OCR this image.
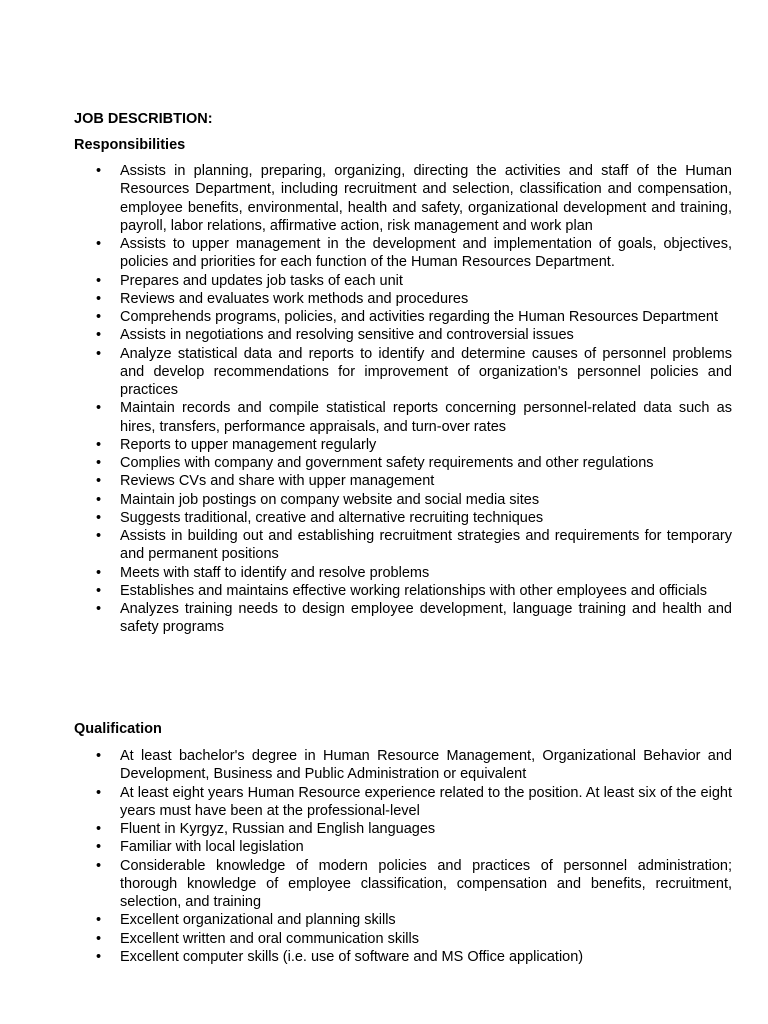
JOB DESCRIBTION:
Responsibilities
•	Assists in planning, preparing, organizing, directing the activities and staff of the Human Resources Department, including recruitment and selection, classification and compensation, employee benefits, environmental, health and safety, organizational development and training, payroll, labor relations, affirmative action, risk management and work plan
•	Assists to upper management in the development and implementation of goals, objectives, policies and priorities for each function of the Human Resources Department.
•	Prepares and updates job tasks of each unit
•	Reviews and evaluates work methods and procedures
•	Comprehends programs, policies, and activities regarding the Human Resources Department
•	Assists in negotiations and resolving sensitive and controversial issues
•	Analyze statistical data and reports to identify and determine causes of personnel problems and develop recommendations for improvement of organization's personnel policies and practices
•	Maintain records and compile statistical reports concerning personnel-related data such as hires, transfers, performance appraisals, and turn-over rates
•	Reports to upper management regularly
•	Complies with company and government safety requirements and other regulations
•	Reviews CVs and share with upper management
•	Maintain job postings on company website and social media sites
•	Suggests traditional, creative and alternative recruiting techniques
•	Assists in building out and establishing recruitment strategies and requirements for temporary and permanent positions
•	Meets with staff to identify and resolve problems
•	Establishes and maintains effective working relationships with other employees and officials
•	Analyzes training needs to design employee development, language training and health and safety programs
Qualification
•	At least bachelor's degree in Human Resource Management, Organizational Behavior and Development, Business and Public Administration or equivalent
•	At least eight years Human Resource experience related to the position. At least six of the eight years must have been at the professional-level
•	Fluent in Kyrgyz, Russian and English languages
•	Familiar with local legislation
•	Considerable knowledge of modern policies and practices of personnel administration; thorough knowledge of employee classification, compensation and benefits, recruitment, selection, and training
•	Excellent organizational and planning skills
•	Excellent written and oral communication skills
•	Excellent computer skills (i.e. use of software and MS Office application)
